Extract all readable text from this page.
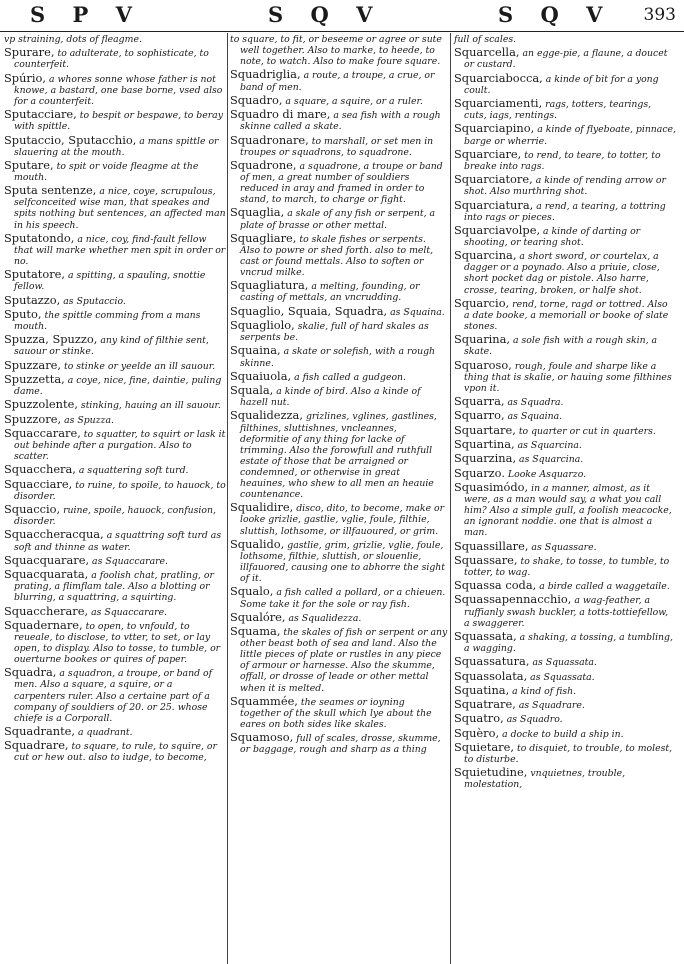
S P V	S Q V	S Q V 393
vp straining, dots of fleagme.
Spurare, to adulterate, to sophisticate, to counterfeit.
Spúrio, a whores sonne whose father is not knowe, a bastard, one base borne, vsed also for a counterfeit.
Sputacciare, to bespit or bespawe, to beray with spittle.
Sputaccio, Sputacchio, a mans spittle or slauering at the mouth.
Sputare, to spit or voide fleagme at the mouth.
Sputa sentenze, a nice, coye, scrupulous, selfconceited wise man, that speakes and spits nothing but sentences, an affected man in his speech.
Sputatondo, a nice, coy, find-fault fellow that will marke whether men spit in order or no.
Sputatore, a spitting, a spauling, snottie fellow.
Sputazzo, as Sputaccio.
Sputo, the spittle comming from a mans mouth.
Spuzza, Spuzzo, any kind of filthie sent, sauour or stinke.
Spuzzare, to stinke or yeelde an ill sauour.
Spuzzetta, a coye, nice, fine, daintie, puling dame.
Spuzzolente, stinking, hauing an ill sauour.
Spuzzore, as Spuzza.
Squaccarare, to squatter, to squirt or lask it out behinde after a purgation. Also to scatter.
Squacchera, a squattering soft turd.
Squacciare, to ruine, to spoile, to hauock, to disorder.
Squaccio, ruine, spoile, hauock, confusion, disorder.
Squaccheracqua, a squattring soft turd as soft and thinne as water.
Squacquarare, as Squaccarare.
Squacquarata, a foolish chat, pratling, or prating, a flimflam tale. Also a blotting or blurring, a squattring, a squirting.
Squaccherare, as Squaccarare.
Squadernare, to open, to vnfould, to reueale, to disclose, to vtter, to set, or lay open, to display. Also to tosse, to tumble, or ouerturne bookes or quires of paper.
Squadra, a squadron, a troupe, or band of men. Also a square, a squire, or a carpenters ruler. Also a certaine part of a company of souldiers of 20. or 25. whose chiefe is a Corporall.
Squadrante, a quadrant.
Squadrare, to square, to rule, to squire, or cut or hew out. also to iudge, to become,
to square, to fit, or beseeme or agree or sute well together. Also to marke, to heede, to note, to watch. Also to make foure square.
Squadriglia, a route, a troupe, a crue, or band of men.
Squadro, a square, a squire, or a ruler.
Squadro di mare, a sea fish with a rough skinne called a skate.
Squadronare, to marshall, or set men in troupes or squadrons, to squadrone.
Squadrone, a squadrone, a troupe or band of men, a great number of souldiers reduced in aray and framed in order to stand, to march, to charge or fight.
Squaglia, a skale of any fish or serpent, a plate of brasse or other mettal.
Squagliare, to skale fishes or serpents. Also to powre or shed forth. also to melt, cast or found mettals. Also to soften or vncrud milke.
Squagliatura, a melting, founding, or casting of mettals, an vncrudding.
Squaglio, Squaia, Squadra, as Squaina.
Squagliolo, skalie, full of hard skales as serpents be.
Squaina, a skate or solefish, with a rough skinne.
Squaiuola, a fish called a gudgeon.
Squala, a kinde of bird. Also a kinde of hazell nut.
Squalidezza, grizlines, vglines, gastlines, filthines, sluttishnes, vncleannes, deformitie of any thing for lacke of trimming. Also the forowfull and ruthfull estate of those that be arraigned or condemned, or otherwise in great heauines, who shew to all men an heauie countenance.
Squalidire, disco, dito, to become, make or looke grizlie, gastlie, vglie, foule, filthie, sluttish, lothsome, or illfauoured, or grim.
Squalido, gastlie, grim, grizlie, vglie, foule, lothsome, filthie, sluttish, or slouenlie, illfauored, causing one to abhorre the sight of it.
Squalo, a fish called a pollard, or a chieuen. Some take it for the sole or ray fish.
Squalóre, as Squalidezza.
Squama, the skales of fish or serpent or any other beast both of sea and land. Also the little pieces of plate or rustles in any piece of armour or harnesse. Also the skumme, offall, or drosse of leade or other mettal when it is melted.
Squammée, the seames or ioyning together of the skull which lye about the eares on both sides like skales.
Squamoso, full of scales, drosse, skumme, or baggage, rough and sharp as a thing
full of scales.
Squarcella, an egge-pie, a flaune, a doucet or custard.
Squarciabocca, a kinde of bit for a yong coult.
Squarciamenti, rags, totters, tearings, cuts, iags, rentings.
Squarciapino, a kinde of flyeboate, pinnace, barge or wherrie.
Squarciare, to rend, to teare, to totter, to breake into rags.
Squarciatore, a kinde of rending arrow or shot. Also murthring shot.
Squarciatura, a rend, a tearing, a tottring into rags or pieces.
Squarciavolpe, a kinde of darting or shooting, or tearing shot.
Squarcina, a short sword, or courtelax, a dagger or a poynado. Also a priuie, close, short pocket dag or pistole. Also harre, crosse, tearing, broken, or halfe shot.
Squarcio, rend, torne, ragd or tottred. Also a date booke, a memoriall or booke of slate stones.
Squarina, a sole fish with a rough skin, a skate.
Squaroso, rough, foule and sharpe like a thing that is skalie, or hauing some filthines vpon it.
Squarra, as Squadra.
Squarro, as Squaina.
Squartare, to quarter or cut in quarters.
Squartina, as Squarcina.
Squarzina, as Squarcina.
Squarzo. Looke Asquarzo.
Squasimódo, in a manner, almost, as it were, as a man would say, a what you call him? Also a simple gull, a foolish meacocke, an ignorant noddie. one that is almost a man.
Squassillare, as Squassare.
Squassare, to shake, to tosse, to tumble, to totter, to wag.
Squassa coda, a birde called a waggetaile.
Squassapennacchio, a wag-feather, a ruffianly swash buckler, a totts-tottiefellow, a swaggerer.
Squassata, a shaking, a tossing, a tumbling, a wagging.
Squassatura, as Squassata.
Squassolata, as Squassata.
Squatina, a kind of fish.
Squatrare, as Squadrare.
Squatro, as Squadro.
Squèro, a docke to build a ship in.
Squietare, to disquiet, to trouble, to molest, to disturbe.
Squietudine, vnquietnes, trouble, molestation,
